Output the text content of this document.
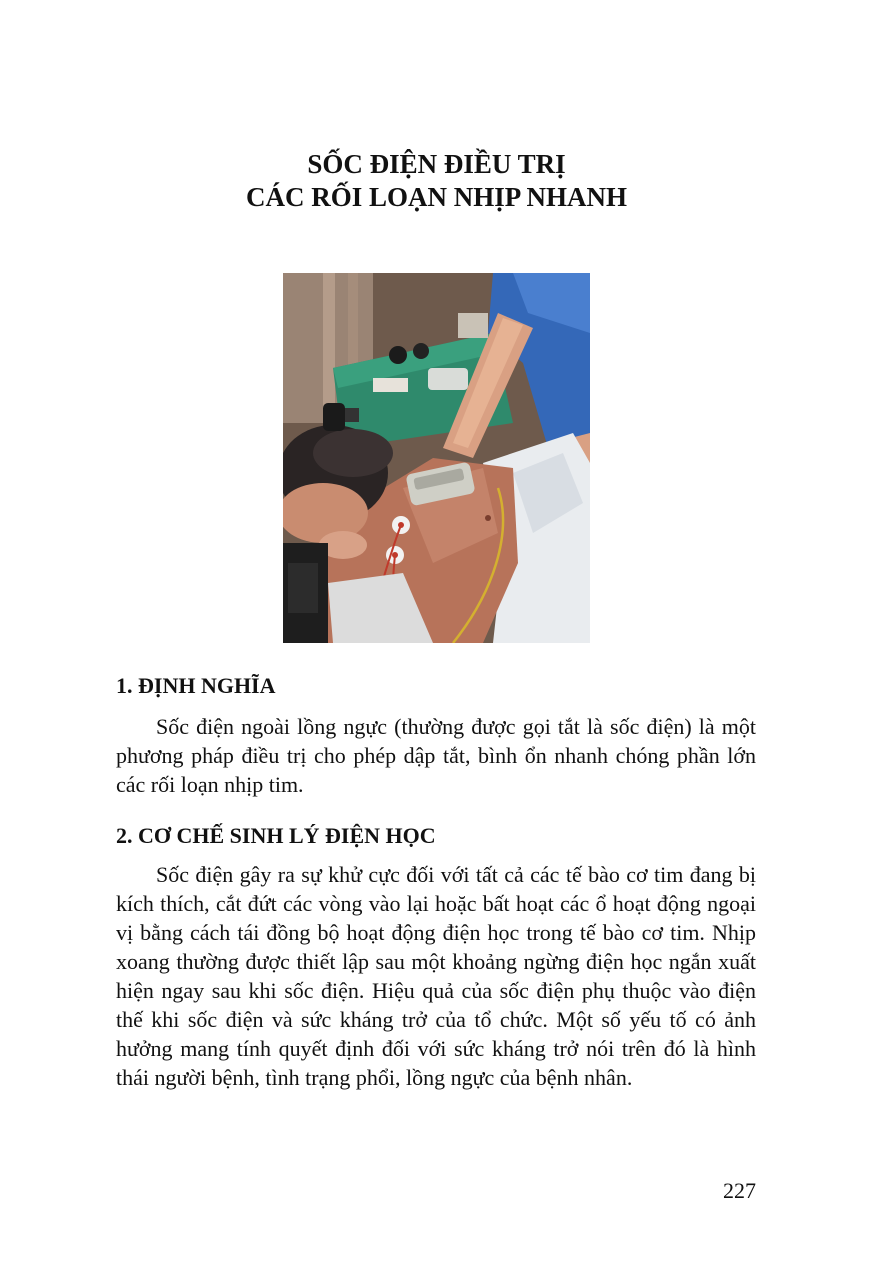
SỐC ĐIỆN ĐIỀU TRỊ
CÁC RỐI LOẠN NHỊP NHANH
1. ĐỊNH NGHĨA

Sốc điện ngoài lồng ngực (thường được gọi tắt là sốc điện) là một phương pháp điều trị cho phép dập tắt, bình ổn nhanh chóng phần lớn các rối loạn nhịp tim.

2. CƠ CHẾ SINH LÝ ĐIỆN HỌC

Sốc điện gây ra sự khử cực đối với tất cả các tế bào cơ tim đang bị kích thích, cắt đứt các vòng vào lại hoặc bất hoạt các ổ hoạt động ngoại vị bằng cách tái đồng bộ hoạt động điện học trong tế bào cơ tim. Nhịp xoang thường được thiết lập sau một khoảng ngừng điện học ngắn xuất hiện ngay sau khi sốc điện. Hiệu quả của sốc điện phụ thuộc vào điện thế khi sốc điện và sức kháng trở của tổ chức. Một số yếu tố có ảnh hưởng mang tính quyết định đối với sức kháng trở nói trên đó là hình thái người bệnh, tình trạng phổi, lồng ngực của bệnh nhân.

227
